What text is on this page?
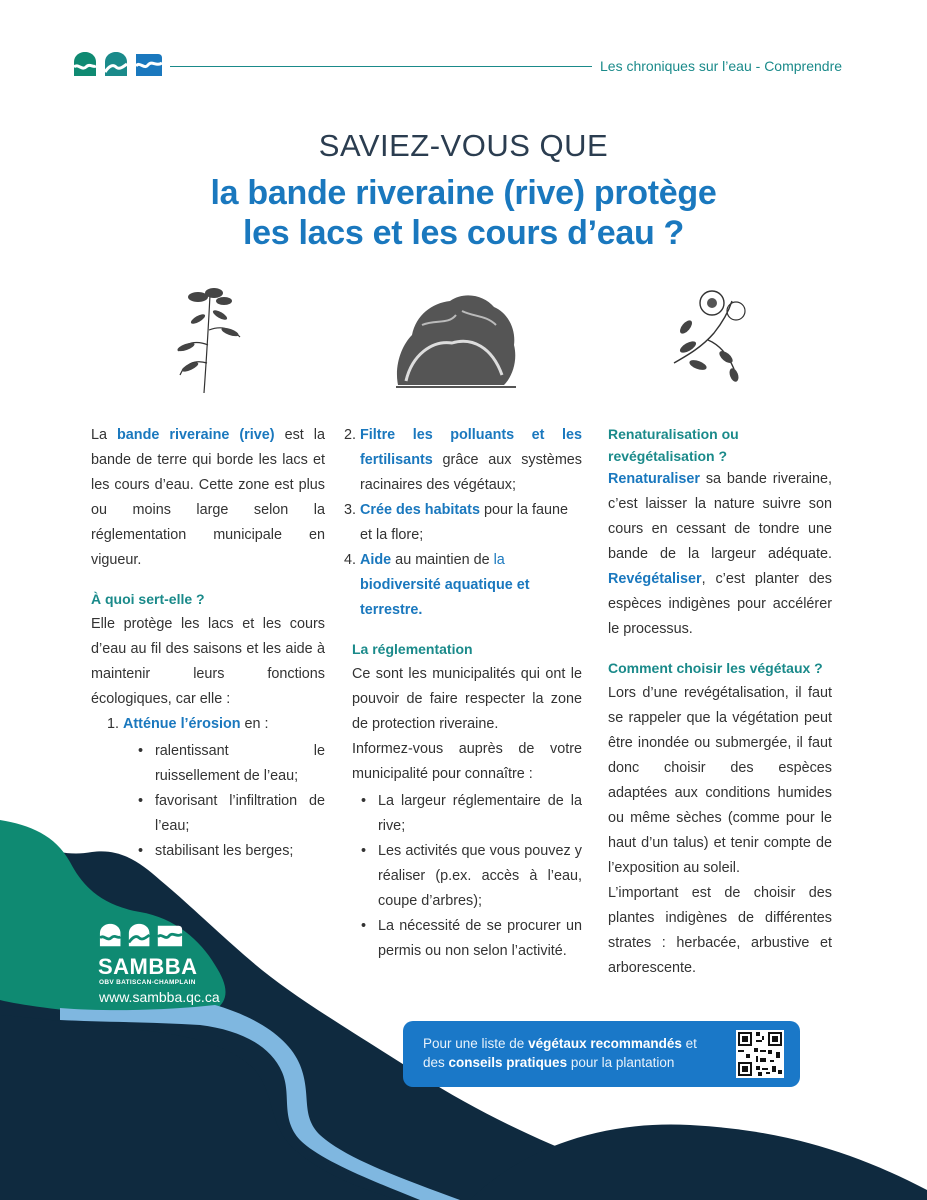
Les chroniques sur l’eau - Comprendre
SAVIEZ-VOUS QUE
la bande riveraine (rive) protège
les lacs et les cours d’eau ?
La bande riveraine (rive) est la bande de terre qui borde les lacs et les cours d’eau. Cette zone est plus ou moins large selon la réglementation municipale en vigueur.
À quoi sert-elle ?
Elle protège les lacs et les cours d’eau au fil des saisons et les aide à maintenir leurs fonctions écologiques, car elle :
1. Atténue l’érosion en :
• ralentissant le ruissellement de l’eau;
• favorisant l’infiltration de l’eau;
• stabilisant les berges;
2. Filtre les polluants et les fertilisants grâce aux systèmes racinaires des végétaux;
3. Crée des habitats pour la faune et la flore;
4. Aide au maintien de la
biodiversité aquatique et terrestre.
La réglementation
Ce sont les municipalités qui ont le pouvoir de faire respecter la zone de protection riveraine.
Informez-vous auprès de votre municipalité pour connaître :
• La largeur réglementaire de la rive;
• Les activités que vous pouvez y réaliser (p.ex. accès à l’eau, coupe d’arbres);
• La nécessité de se procurer un permis ou non selon l’activité.
Renaturalisation ou revégétalisation ?
Renaturaliser sa bande riveraine, c’est laisser la nature suivre son cours en cessant de tondre une bande de la largeur adéquate. Revégétaliser, c’est planter des espèces indigènes pour accélérer le processus.
Comment choisir les végétaux ?
Lors d’une revégétalisation, il faut se rappeler que la végétation peut être inondée ou submergée, il faut donc choisir des espèces adaptées aux conditions humides ou même sèches (comme pour le haut d’un talus) et tenir compte de l’exposition au soleil.
L’important est de choisir des plantes indigènes de différentes strates : herbacée, arbustive et arborescente.
SAMBBA
OBV BATISCAN-CHAMPLAIN
www.sambba.qc.ca
Pour une liste de végétaux recommandés et des conseils pratiques pour la plantation
